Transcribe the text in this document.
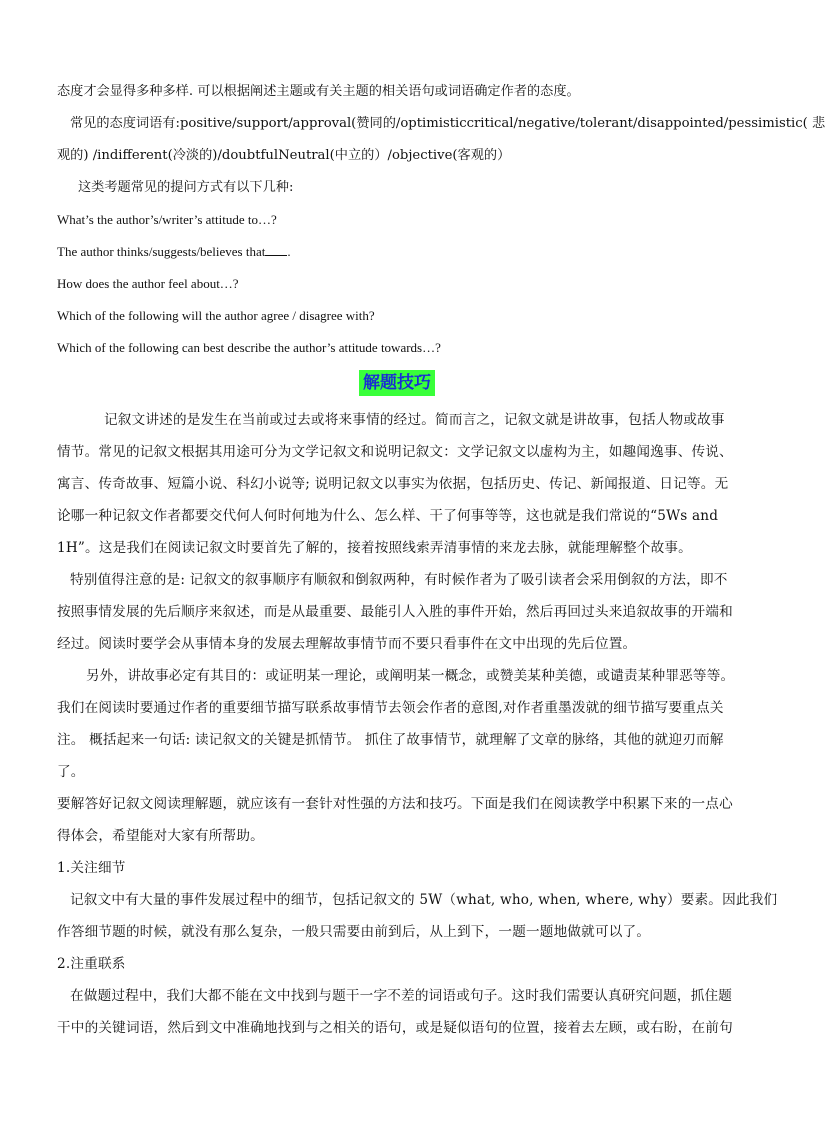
态度才会显得多种多样. 可以根据阐述主题或有关主题的相关语句或词语确定作者的态度。
常见的态度词语有:positive/support/approval(赞同的/optimisticcritical/negative/tolerant/disappointed/pessimistic( 悲
观的) /indifferent(冷淡的)/doubtfulNeutral(中立的）/objective(客观的）
这类考题常见的提问方式有以下几种:
What’s the author’s/writer’s attitude to…?
The author thinks/suggests/believes that .
How does the author feel about…?
Which of the following will the author agree / disagree with?
Which of the following can best describe the author’s attitude towards…?
解题技巧
记叙文讲述的是发生在当前或过去或将来事情的经过。简而言之，记叙文就是讲故事，包括人物或故事
情节。常见的记叙文根据其用途可分为文学记叙文和说明记叙文：文学记叙文以虚构为主，如趣闻逸事、传说、
寓言、传奇故事、短篇小说、科幻小说等; 说明记叙文以事实为依据，包括历史、传记、新闻报道、日记等。无
论哪一种记叙文作者都要交代何人何时何地为什么、怎么样、干了何事等等，这也就是我们常说的“5Ws and
1H”。这是我们在阅读记叙文时要首先了解的，接着按照线索弄清事情的来龙去脉，就能理解整个故事。
特别值得注意的是: 记叙文的叙事顺序有顺叙和倒叙两种，有时候作者为了吸引读者会采用倒叙的方法，即不
按照事情发展的先后顺序来叙述，而是从最重要、最能引人入胜的事件开始，然后再回过头来追叙故事的开端和
经过。阅读时要学会从事情本身的发展去理解故事情节而不要只看事件在文中出现的先后位置。
另外，讲故事必定有其目的：或证明某一理论，或阐明某一概念，或赞美某种美德，或谴责某种罪恶等等。
我们在阅读时要通过作者的重要细节描写联系故事情节去领会作者的意图,对作者重墨泼就的细节描写要重点关
注。 概括起来一句话: 读记叙文的关键是抓情节。 抓住了故事情节，就理解了文章的脉络，其他的就迎刃而解
了。
要解答好记叙文阅读理解题，就应该有一套针对性强的方法和技巧。下面是我们在阅读教学中积累下来的一点心
得体会，希望能对大家有所帮助。
1.关注细节
记叙文中有大量的事件发展过程中的细节，包括记叙文的 5W（what, who, when, where, why）要素。因此我们
作答细节题的时候，就没有那么复杂，一般只需要由前到后，从上到下，一题一题地做就可以了。
2.注重联系
在做题过程中，我们大都不能在文中找到与题干一字不差的词语或句子。这时我们需要认真研究问题，抓住题
干中的关键词语，然后到文中准确地找到与之相关的语句，或是疑似语句的位置，接着去左顾，或右盼，在前句
